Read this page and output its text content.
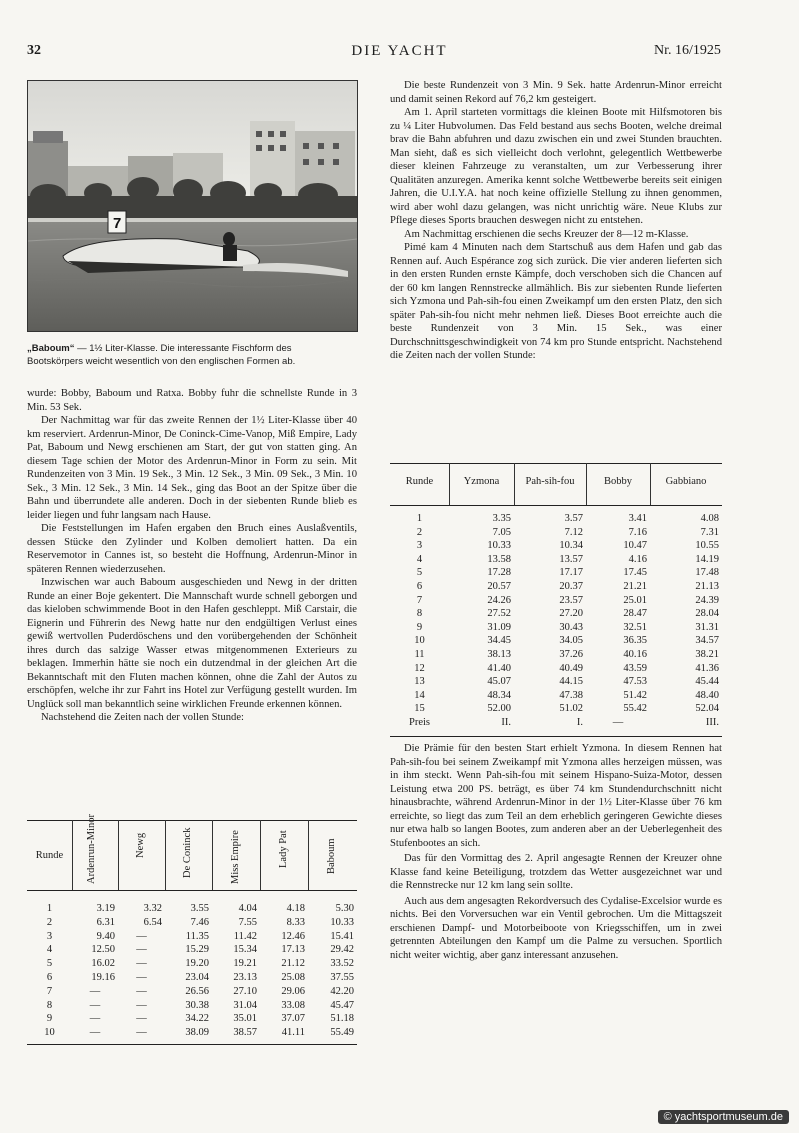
32	DIE YACHT	Nr. 16/1925
7
„Baboum“ — 1½ Liter-Klasse. Die interessante Fischform des
Bootskörpers weicht wesentlich von den englischen Formen ab.

wurde: Bobby, Baboum und Ratxa. Bobby fuhr die schnellste Runde in 3 Min. 53 Sek.

Der Nachmittag war für das zweite Rennen der 1½ Liter-Klasse über 40 km reserviert. Ardenrun-Minor, De Coninck-Cime-Vanop, Miß Empire, Lady Pat, Baboum und Newg erschienen am Start, der gut von statten ging. An diesem Tage schien der Motor des Ardenrun-Minor in Form zu sein. Mit Rundenzeiten von 3 Min. 19 Sek., 3 Min. 12 Sek., 3 Min. 09 Sek., 3 Min. 10 Sek., 3 Min. 12 Sek., 3 Min. 14 Sek., ging das Boot an der Spitze über die Bahn und überrundete alle anderen. Doch in der siebenten Runde blieb es leider liegen und fuhr langsam nach Hause.

Die Feststellungen im Hafen ergaben den Bruch eines Auslaßventils, dessen Stücke den Zylinder und Kolben demoliert hatten. Da ein Reservemotor in Cannes ist, so besteht die Hoffnung, Ardenrun-Minor in späteren Rennen wiederzusehen.

Inzwischen war auch Baboum ausgeschieden und Newg in der dritten Runde an einer Boje gekentert. Die Mannschaft wurde schnell geborgen und das kieloben schwimmende Boot in den Hafen geschleppt. Miß Carstair, die Eignerin und Führerin des Newg hatte nur den endgültigen Verlust eines gewiß wertvollen Puderdöschens und den vorübergehenden der Schönheit ihres durch das salzige Wasser etwas mitgenommenen Exterieurs zu beklagen. Immerhin hätte sie noch ein dutzendmal in der gleichen Art die Bekanntschaft mit den Fluten machen können, ohne die Zahl der Autos zu erschöpfen, welche ihr zur Fahrt ins Hotel zur Verfügung gestellt wurden. Im Unglück soll man bekanntlich seine wirklichen Freunde erkennen können.

Nachstehend die Zeiten nach der vollen Stunde:

Runde	Ardenrun-Minor	Newg	De Coninck	Miss Empire	Lady Pat	Baboum
1	3.19	3.32	3.55	4.04	4.18	5.30
2	6.31	6.54	7.46	7.55	8.33	10.33
3	9.40	—	11.35	11.42	12.46	15.41
4	12.50	—	15.29	15.34	17.13	29.42
5	16.02	—	19.20	19.21	21.12	33.52
6	19.16	—	23.04	23.13	25.08	37.55
7	—	—	26.56	27.10	29.06	42.20
8	—	—	30.38	31.04	33.08	45.47
9	—	—	34.22	35.01	37.07	51.18
10	—	—	38.09	38.57	41.11	55.49

Die beste Rundenzeit von 3 Min. 9 Sek. hatte Ardenrun-Minor erreicht und damit seinen Rekord auf 76,2 km gesteigert.

Am 1. April starteten vormittags die kleinen Boote mit Hilfsmotoren bis zu ¼ Liter Hubvolumen. Das Feld bestand aus sechs Booten, welche dreimal brav die Bahn abfuhren und dazu zwischen ein und zwei Stunden brauchten. Man sieht, daß es sich vielleicht doch verlohnt, gelegentlich Wettbewerbe dieser kleinen Fahrzeuge zu veranstalten, um zur Verbesserung ihrer Qualitäten anzuregen. Amerika kennt solche Wettbewerbe bereits seit einigen Jahren, die U.I.Y.A. hat noch keine offizielle Stellung zu ihnen genommen, wird aber wohl dazu gelangen, was nicht unrichtig wäre. Neue Klubs zur Pflege dieses Sports brauchen deswegen nicht zu entstehen.

Am Nachmittag erschienen die sechs Kreuzer der 8—12 m-Klasse.

Pimé kam 4 Minuten nach dem Startschuß aus dem Hafen und gab das Rennen auf. Auch Espérance zog sich zurück. Die vier anderen lieferten sich in den ersten Runden ernste Kämpfe, doch verschoben sich die Chancen auf der 60 km langen Rennstrecke allmählich. Bis zur siebenten Runde lieferten sich Yzmona und Pah-sih-fou einen Zweikampf um den ersten Platz, den sich später Pah-sih-fou nicht mehr nehmen ließ. Dieses Boot erreichte auch die beste Rundenzeit von 3 Min. 15 Sek., was einer Durchschnittsgeschwindigkeit von 74 km pro Stunde entspricht. Nachstehend die Zeiten nach der vollen Stunde:

Runde	Yzmona	Pah-sih-fou	Bobby	Gabbiano
1	3.35	3.57	3.41	4.08
2	7.05	7.12	7.16	7.31
3	10.33	10.34	10.47	10.55
4	13.58	13.57	4.16	14.19
5	17.28	17.17	17.45	17.48
6	20.57	20.37	21.21	21.13
7	24.26	23.57	25.01	24.39
8	27.52	27.20	28.47	28.04
9	31.09	30.43	32.51	31.31
10	34.45	34.05	36.35	34.57
11	38.13	37.26	40.16	38.21
12	41.40	40.49	43.59	41.36
13	45.07	44.15	47.53	45.44
14	48.34	47.38	51.42	48.40
15	52.00	51.02	55.42	52.04
Preis	II.	I.	—	III.

Die Prämie für den besten Start erhielt Yzmona. In diesem Rennen hat Pah-sih-fou bei seinem Zweikampf mit Yzmona alles herzeigen müssen, was in ihm steckt. Wenn Pah-sih-fou mit seinem Hispano-Suiza-Motor, dessen Leistung etwa 200 PS. beträgt, es über 74 km Stundendurchschnitt nicht hinausbrachte, während Ardenrun-Minor in der 1½ Liter-Klasse über 76 km erreichte, so liegt das zum Teil an dem erheblich geringeren Gewichte dieses nur etwa halb so langen Bootes, zum anderen aber an der Ueberlegenheit des Stufenbootes an sich.

Das für den Vormittag des 2. April angesagte Rennen der Kreuzer ohne Klasse fand keine Beteiligung, trotzdem das Wetter ausgezeichnet war und die Rennstrecke nur 12 km lang sein sollte.

Auch aus dem angesagten Rekordversuch des Cydalise-Excelsior wurde es nichts. Bei den Vorversuchen war ein Ventil gebrochen. Um die Mittagszeit erschienen Dampf- und Motorbeiboote von Kriegsschiffen, um in zwei getrennten Abteilungen den Kampf um die Palme zu versuchen. Sportlich nicht weiter wichtig, aber ganz interessant anzusehen.

© yachtsportmuseum.de
